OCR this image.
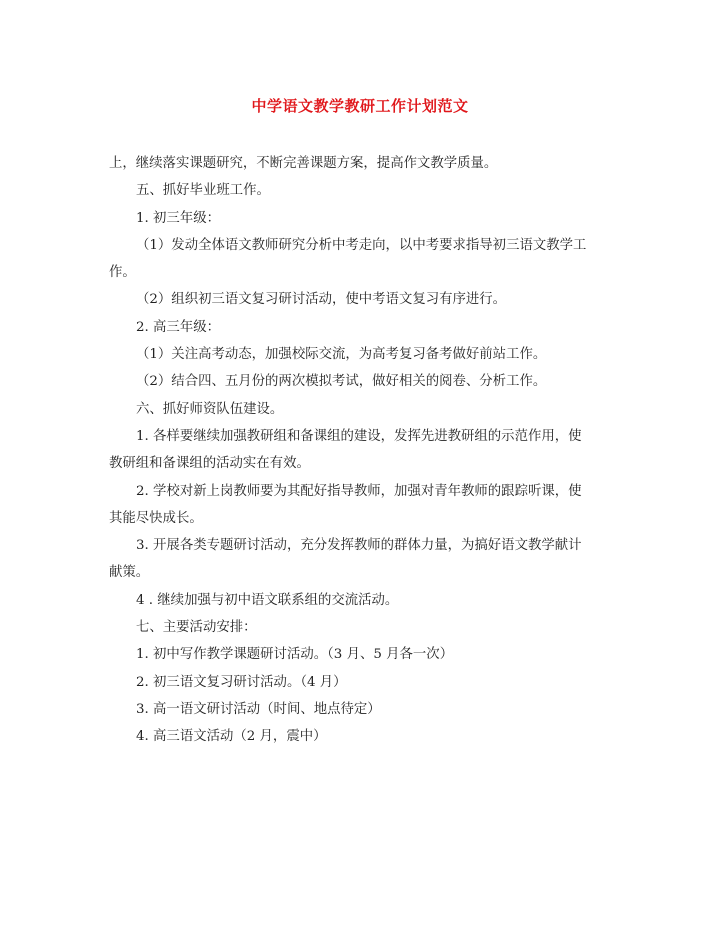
中学语文教学教研工作计划范文
上，继续落实课题研究，不断完善课题方案，提高作文教学质量。
五、抓好毕业班工作。
1. 初三年级：
（1）发动全体语文教师研究分析中考走向，以中考要求指导初三语文教学工
作。
（2）组织初三语文复习研讨活动，使中考语文复习有序进行。
2. 高三年级：
（1）关注高考动态，加强校际交流，为高考复习备考做好前站工作。
（2）结合四、五月份的两次模拟考试，做好相关的阅卷、分析工作。
六、抓好师资队伍建设。
1. 各样要继续加强教研组和备课组的建设，发挥先进教研组的示范作用，使
教研组和备课组的活动实在有效。
2. 学校对新上岗教师要为其配好指导教师，加强对青年教师的跟踪听课，使
其能尽快成长。
3. 开展各类专题研讨活动，充分发挥教师的群体力量，为搞好语文教学献计
献策。
4 . 继续加强与初中语文联系组的交流活动。
七、主要活动安排：
1. 初中写作教学课题研讨活动。（3 月、5 月各一次）
2. 初三语文复习研讨活动。（4 月）
3. 高一语文研讨活动（时间、地点待定）
4. 高三语文活动（2 月，震中）
